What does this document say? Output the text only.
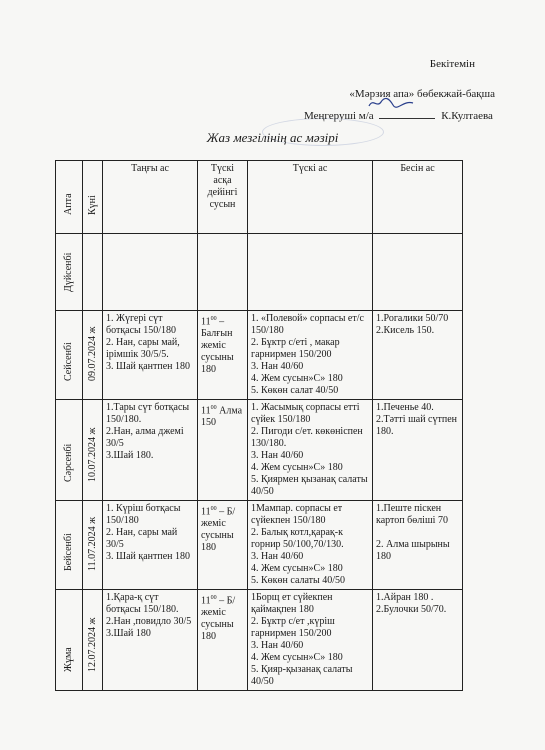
Бекітемін
«Мәрзия апа» бөбекжай-бақша
Меңгеруші м/а	К.Култаева
Жаз мезгілінің ас мәзірі
Апта	Күні	Таңғы ас	Түскі асқа дейінгі сусын	Түскі ас	Бесін ас

Дүйсенбі					

Сейсенбі	09.07.2024 ж	1. Жүгері сүт ботқасы 150/180
2. Нан, сары май, ірімшік 30/5/5.
3. Шай қантпен 180	$11^{00}$ – Балғын жеміс сусыны 180	1. «Полевой» сорпасы ет/с 150/180
2. Бұктр с/еті , макар гарнирмен 150/200
3. Нан 40/60
4. Жем сусын»С» 180
5. Көкөн салат 40/50	1.Рогалики 50/70
2.Кисель 150.

Сәрсенбі	10.07.2024 ж	1.Тары сүт ботқасы 150/180.
2.Нан, алма джемі 30/5
3.Шай 180.	$11^{00}$ Алма 150	1. Жасымық сорпасы етті сүйек 150/180
2. Пигоди с/ет. көкөніспен 130/180.
3. Нан 40/60
4. Жем сусын»С» 180
5. Қиярмен қызанақ салаты 40/50	1.Печенье 40.
2.Тәтті шай сүтпен 180.

Бейсенбі	11.07.2024 ж	1. Күріш ботқасы 150/180
2. Нан, сары май 30/5
3. Шай қантпен 180	$11^{00}$ – Б/жеміс сусыны 180	1Мампар. сорпасы ет сүйекпен 150/180
2. Балық котл,қарақ-к горнир 50/100,70/130.
3. Нан 40/60
4. Жем сусын»С» 180
5. Көкөн салаты 40/50	1.Пеште піскен картоп бөліші 70

2. Алма шырыны 180

Жұма	12.07.2024 ж	1.Қара-қ сүт ботқасы 150/180.
2.Нан ,повидло 30/5
3.Шай 180	$11^{00}$ – Б/жеміс сусыны 180	1Борщ ет сүйекпен қаймақпен 180
2. Бұктр с/ет ,күріш гарнирмен 150/200
3. Нан 40/60
4. Жем сусын»С» 180
5. Қияр-қызанақ салаты 40/50	1.Айран 180 .
2.Булочки 50/70.
